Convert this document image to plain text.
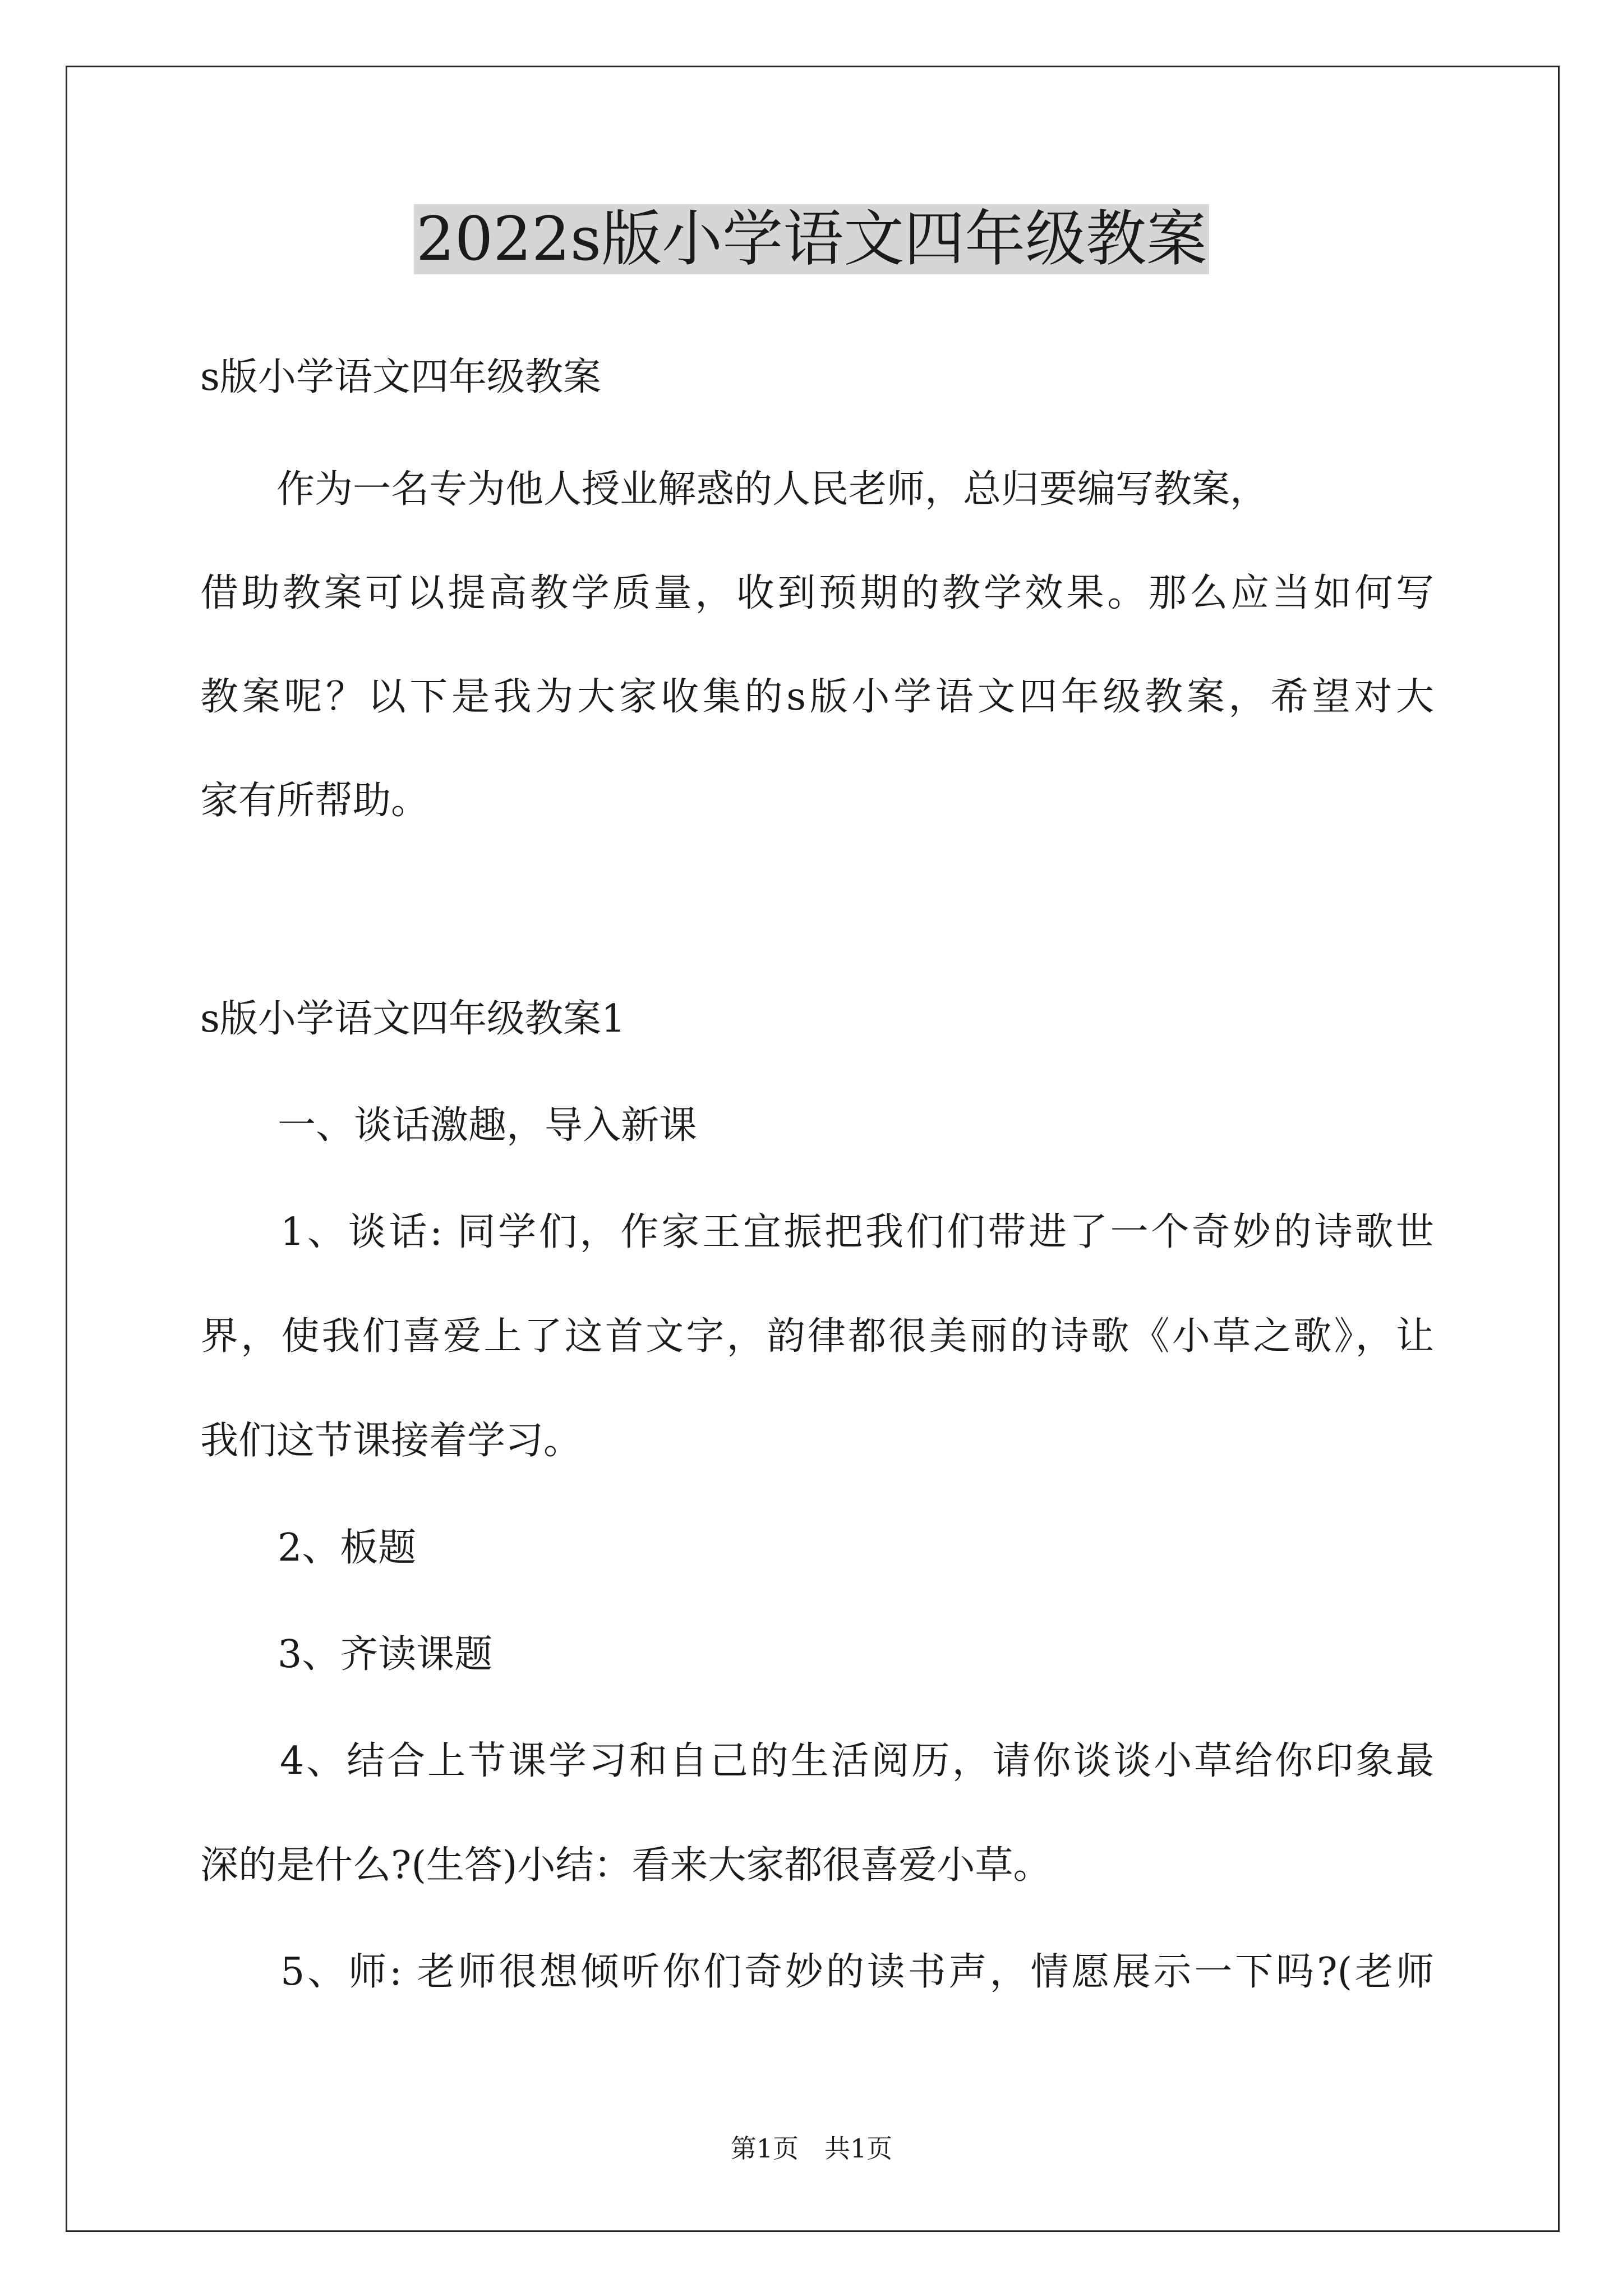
2022s版小学语文四年级教案
s版小学语文四年级教案
　　作为一名专为他人授业解惑的人民老师，总归要编写教案，
借助教案可以提高教学质量，收到预期的教学效果。那么应当如何写
教案呢？以下是我为大家收集的s版小学语文四年级教案，希望对大
家有所帮助。
s版小学语文四年级教案1
　一、谈话激趣，导入新课
　1、谈话: 同学们，作家王宜振把我们们带进了一个奇妙的诗歌世
界，使我们喜爱上了这首文字，韵律都很美丽的诗歌《小草之歌》，让
我们这节课接着学习。
　2、板题
　3、齐读课题
　4、结合上节课学习和自己的生活阅历，请你谈谈小草给你印象最
深的是什么?(生答)小结：看来大家都很喜爱小草。
　5、师: 老师很想倾听你们奇妙的读书声，情愿展示一下吗?(老师
第1页　共1页
